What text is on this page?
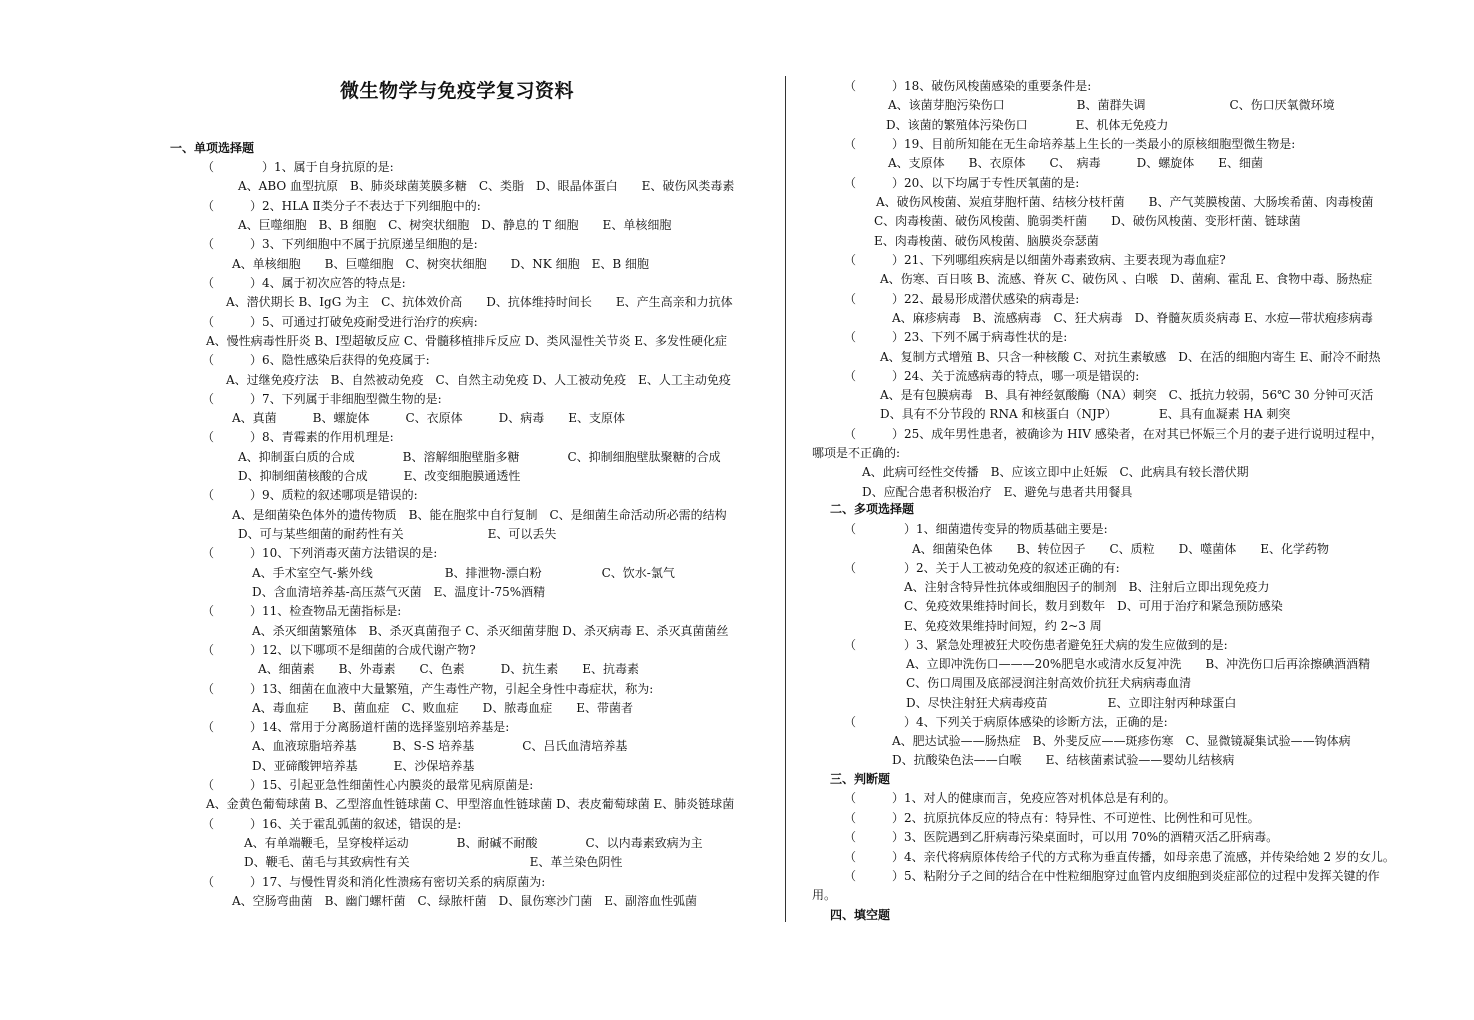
微生物学与免疫学复习资料
一、单项选择题
（　　　　）1、属于自身抗原的是:
A、ABO 血型抗原　B、肺炎球菌荚膜多糖　C、类脂　D、眼晶体蛋白　　E、破伤风类毒素
（　　　）2、HLA Ⅱ类分子不表达于下列细胞中的:
A、巨噬细胞　B、B 细胞　C、树突状细胞　D、静息的 T 细胞　　E、单核细胞
（　　　）3、下列细胞中不属于抗原递呈细胞的是:
A、单核细胞　　B、巨噬细胞　C、树突状细胞　　D、NK 细胞　E、B 细胞
（　　　）4、属于初次应答的特点是:
A、潜伏期长 B、IgG 为主　C、抗体效价高　　D、抗体维持时间长　　E、产生高亲和力抗体
（　　　）5、可通过打破免疫耐受进行治疗的疾病:
A、慢性病毒性肝炎 B、Ⅰ型超敏反应 C、骨髓移植排斥反应 D、类风湿性关节炎 E、多发性硬化症
（　　　）6、隐性感染后获得的免疫属于:
A、过继免疫疗法　B、自然被动免疫　C、自然主动免疫 D、人工被动免疫　E、人工主动免疫
（　　　）7、下列属于非细胞型微生物的是:
A、真菌　　　B、螺旋体　　　C、衣原体　　　D、病毒　　E、支原体
（　　　）8、青霉素的作用机理是:
A、抑制蛋白质的合成　　　　B、溶解细胞壁脂多糖　　　　C、抑制细胞壁肽聚糖的合成
D、抑制细菌核酸的合成　　　E、改变细胞膜通透性
（　　　）9、质粒的叙述哪项是错误的:
A、是细菌染色体外的遗传物质　B、能在胞浆中自行复制　C、是细菌生命活动所必需的结构
D、可与某些细菌的耐药性有关　　　　　　　E、可以丢失
（　　　）10、下列消毒灭菌方法错误的是:
A、手术室空气-紫外线　　　　　　B、排泄物-漂白粉　　　　　C、饮水-氯气
D、含血清培养基-高压蒸气灭菌　E、温度计-75%酒精
（　　　）11、检查物品无菌指标是:
A、杀灭细菌繁殖体　B、杀灭真菌孢子 C、杀灭细菌芽胞 D、杀灭病毒 E、杀灭真菌菌丝
（　　　）12、以下哪项不是细菌的合成代谢产物?
A、细菌素　　B、外毒素　　C、色素　　　D、抗生素　　E、抗毒素
（　　　）13、细菌在血液中大量繁殖，产生毒性产物，引起全身性中毒症状，称为:
A、毒血症　　B、菌血症　C、败血症　　D、脓毒血症　　E、带菌者
（　　　）14、常用于分离肠道杆菌的选择鉴别培养基是:
A、血液琼脂培养基　　　B、S-S 培养基　　　　C、吕氏血清培养基
D、亚碲酸钾培养基　　　E、沙保培养基
（　　　）15、引起亚急性细菌性心内膜炎的最常见病原菌是:
A、金黄色葡萄球菌 B、乙型溶血性链球菌 C、甲型溶血性链球菌 D、表皮葡萄球菌 E、肺炎链球菌
（　　　）16、关于霍乱弧菌的叙述，错误的是:
A、有单端鞭毛，呈穿梭样运动　　　　B、耐碱不耐酸　　　　C、以内毒素致病为主
D、鞭毛、菌毛与其致病性有关　　　　　　　　　　E、革兰染色阴性
（　　　）17、与慢性胃炎和消化性溃疡有密切关系的病原菌为:
A、空肠弯曲菌　B、幽门螺杆菌　C、绿脓杆菌　D、鼠伤寒沙门菌　E、副溶血性弧菌
二、多项选择题
三、判断题
四、填空题
（　　　）18、破伤风梭菌感染的重要条件是:
A、该菌芽胞污染伤口　　　　　　B、菌群失调　　　　　　　C、伤口厌氧微环境
D、该菌的繁殖体污染伤口　　　　E、机体无免疫力
（　　　）19、目前所知能在无生命培养基上生长的一类最小的原核细胞型微生物是:
A、支原体　　B、衣原体　　C、　病毒　　　D、螺旋体　　E、细菌
（　　　）20、以下均属于专性厌氧菌的是:
A、破伤风梭菌、炭疽芽胞杆菌、结核分枝杆菌　　B、产气荚膜梭菌、大肠埃希菌、肉毒梭菌
C、肉毒梭菌、破伤风梭菌、脆弱类杆菌　　D、破伤风梭菌、变形杆菌、链球菌
E、肉毒梭菌、破伤风梭菌、脑膜炎奈瑟菌
（　　　）21、下列哪组疾病是以细菌外毒素致病、主要表现为毒血症?
A、伤寒、百日咳 B、流感、脊灰 C、破伤风 、白喉　D、菌痢、霍乱 E、食物中毒、肠热症
（　　　）22、最易形成潜伏感染的病毒是:
A、麻疹病毒　B、流感病毒　C、狂犬病毒　D、脊髓灰质炎病毒 E、水痘—带状疱疹病毒
（　　　）23、下列不属于病毒性状的是:
A、复制方式增殖 B、只含一种核酸 C、对抗生素敏感　D、在活的细胞内寄生 E、耐冷不耐热
（　　　）24、关于流感病毒的特点，哪一项是错误的:
A、是有包膜病毒　B、具有神经氨酸酶（NA）刺突　C、抵抗力较弱，56℃ 30 分钟可灭活
D、具有不分节段的 RNA 和核蛋白（NJP）　　　　E、具有血凝素 HA 刺突
（　　　）25、成年男性患者，被确诊为 HIV 感染者，在对其已怀娠三个月的妻子进行说明过程中，
哪项是不正确的:
A、此病可经性交传播　B、应该立即中止妊娠　C、此病具有较长潜伏期
D、应配合患者积极治疗　E、避免与患者共用餐具
（　　　　）1、细菌遗传变异的物质基础主要是:
A、细菌染色体　　B、转位因子　　C、质粒　　D、噬菌体　　E、化学药物
（　　　　）2、关于人工被动免疫的叙述正确的有:
A、注射含特异性抗体或细胞因子的制剂　B、注射后立即出现免疫力
C、免疫效果维持时间长，数月到数年　D、可用于治疗和紧急预防感染
E、免疫效果维持时间短，约 2~3 周
（　　　　）3、紧急处理被狂犬咬伤患者避免狂犬病的发生应做到的是:
A、立即冲洗伤口———20%肥皂水或清水反复冲洗　　B、冲洗伤口后再涂擦碘酒酒精
C、伤口周围及底部浸润注射高效价抗狂犬病病毒血清
D、尽快注射狂犬病毒疫苗　　　　　E、立即注射丙种球蛋白
（　　　　）4、下列关于病原体感染的诊断方法，正确的是:
A、肥达试验——肠热症　B、外斐反应——斑疹伤寒　C、显微镜凝集试验——钩体病
D、抗酸染色法——白喉　　E、结核菌素试验——婴幼儿结核病
（　　　）1、对人的健康而言，免疫应答对机体总是有利的。
（　　　）2、抗原抗体反应的特点有：特异性、不可逆性、比例性和可见性。
（　　　）3、医院遇到乙肝病毒污染桌面时，可以用 70%的酒精灭活乙肝病毒。
（　　　）4、亲代将病原体传给子代的方式称为垂直传播，如母亲患了流感，并传染给她 2 岁的女儿。
（　　　）5、粘附分子之间的结合在中性粒细胞穿过血管内皮细胞到炎症部位的过程中发挥关键的作
用。
